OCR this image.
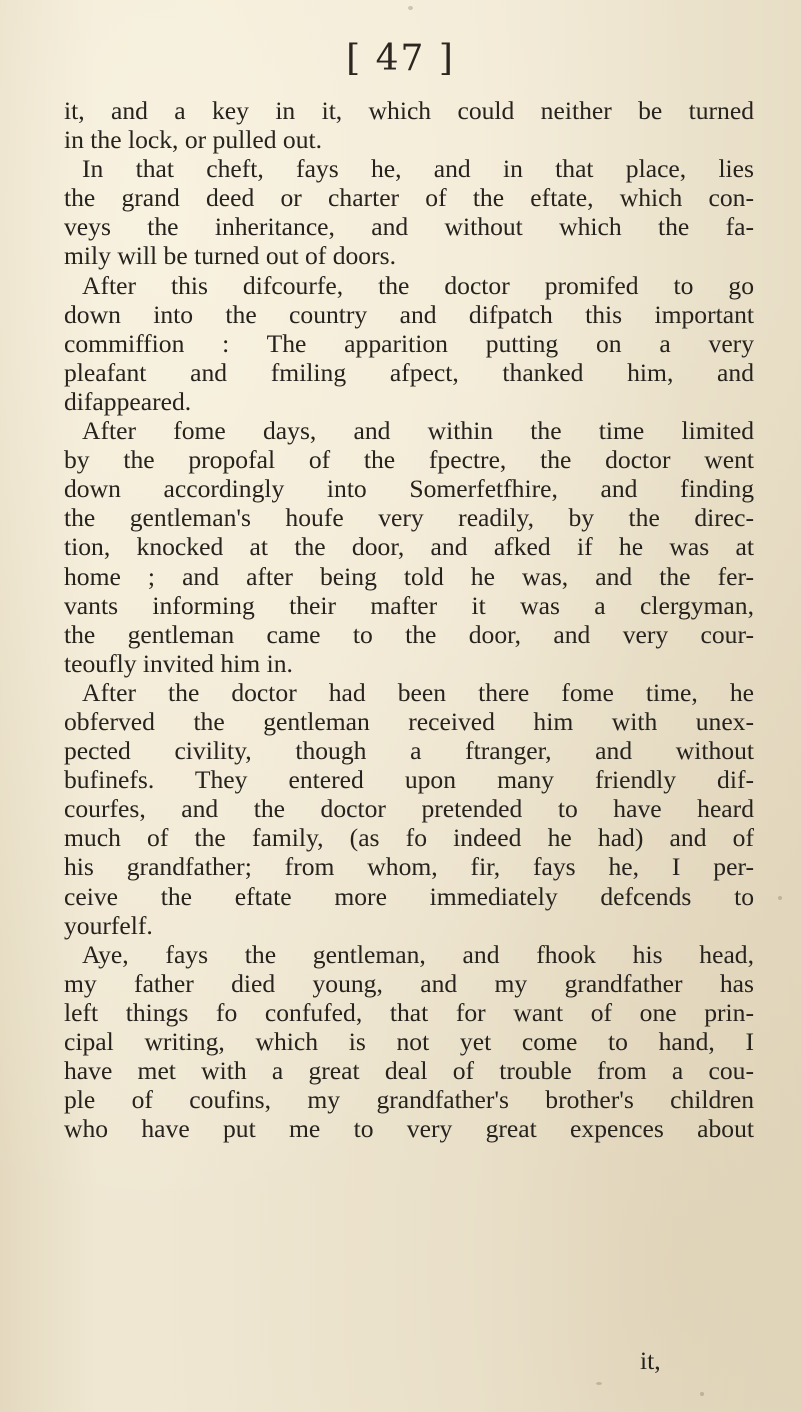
[ 47 ]
it, and a key in it, which could neither be turned
in the lock, or pulled out.
In that cheft, fays he, and in that place, lies
the grand deed or charter of the eftate, which con-
veys the inheritance, and without which the fa-
mily will be turned out of doors.
After this difcourfe, the doctor promifed to go
down into the country and difpatch this important
commiffion : The apparition putting on a very
pleafant and fmiling afpect, thanked him, and
difappeared.
After fome days, and within the time limited
by the propofal of the fpectre, the doctor went
down accordingly into Somerfetfhire, and finding
the gentleman's houfe very readily, by the direc-
tion, knocked at the door, and afked if he was at
home ; and after being told he was, and the fer-
vants informing their mafter it was a clergyman,
the gentleman came to the door, and very cour-
teoufly invited him in.
After the doctor had been there fome time, he
obferved the gentleman received him with unex-
pected civility, though a ftranger, and without
bufinefs. They entered upon many friendly dif-
courfes, and the doctor pretended to have heard
much of the family, (as fo indeed he had) and of
his grandfather; from whom, fir, fays he, I per-
ceive the eftate more immediately defcends to
yourfelf.
Aye, fays the gentleman, and fhook his head,
my father died young, and my grandfather has
left things fo confufed, that for want of one prin-
cipal writing, which is not yet come to hand, I
have met with a great deal of trouble from a cou-
ple of coufins, my grandfather's brother's children
who have put me to very great expences about
it,
